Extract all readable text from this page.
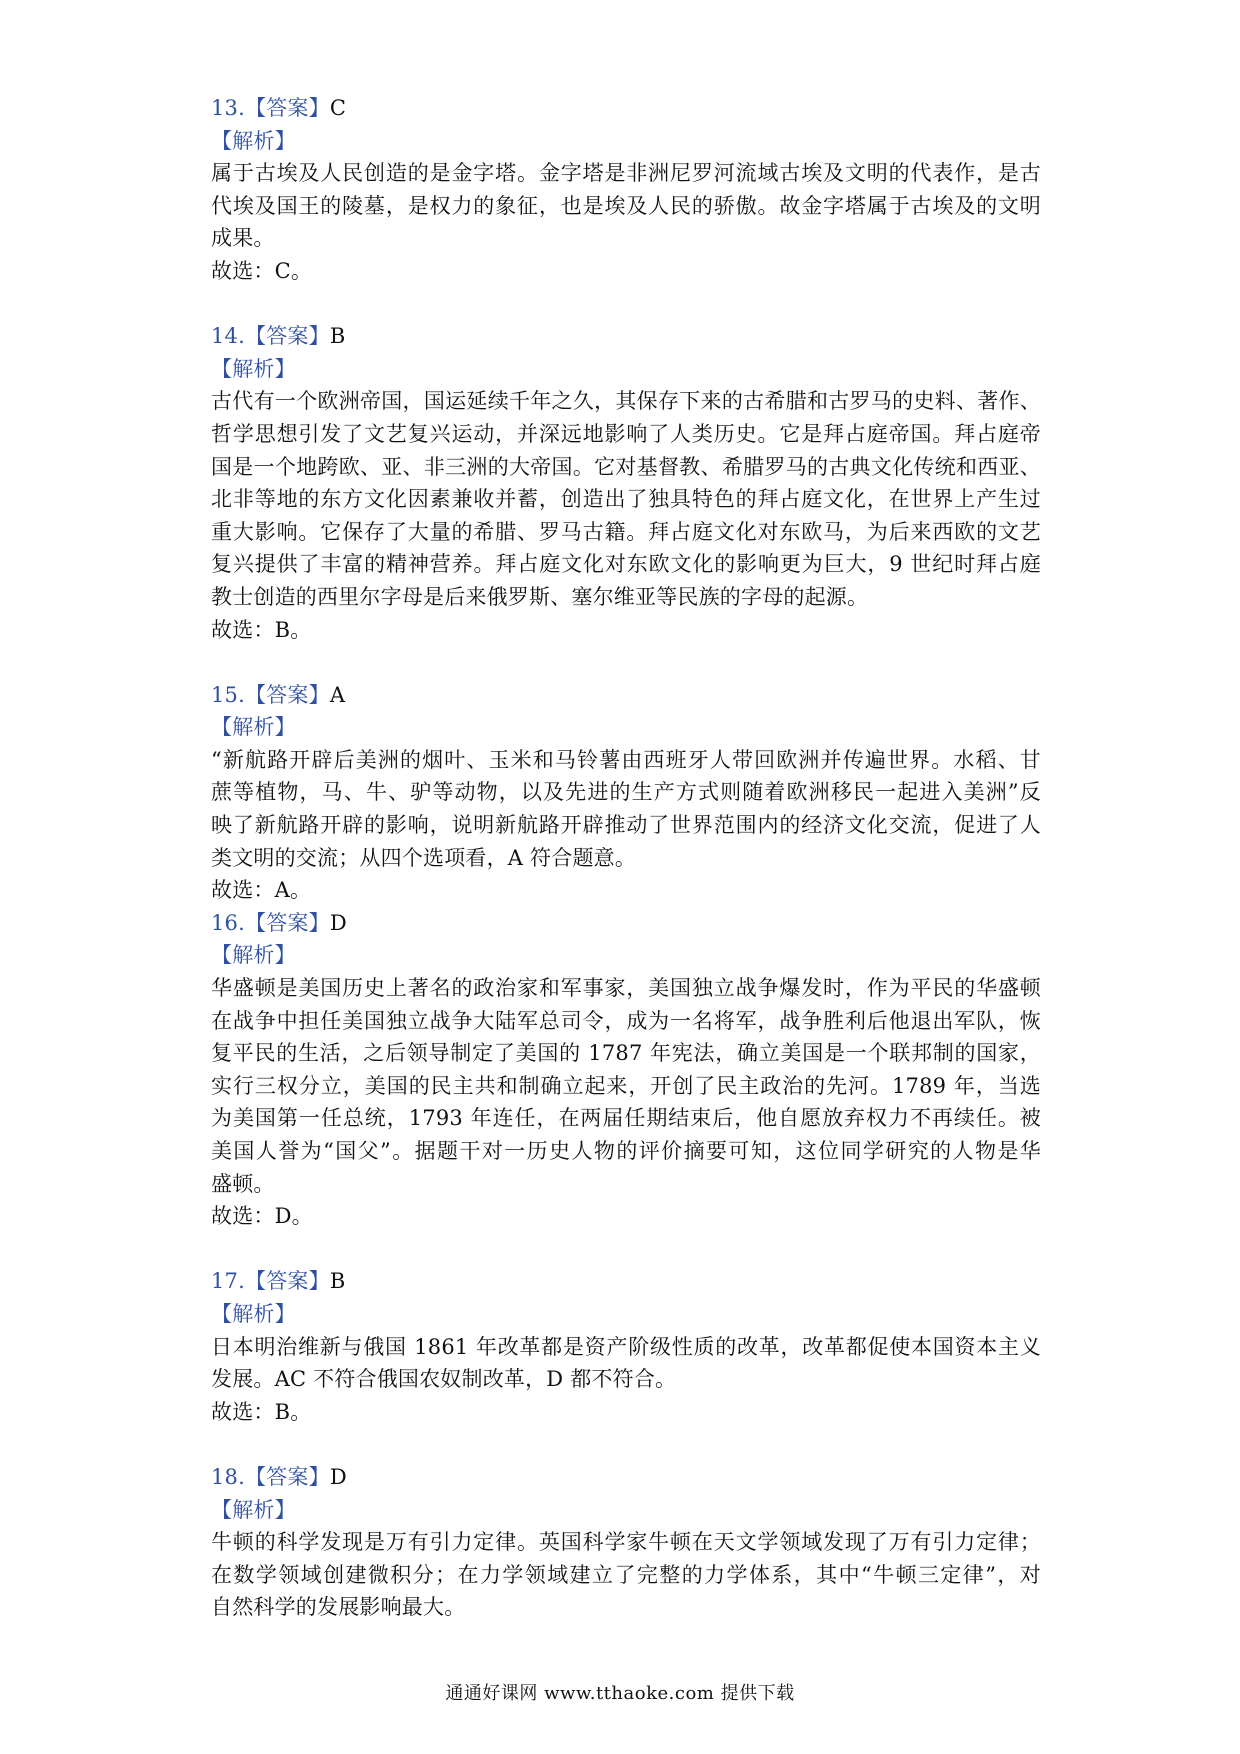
13.【答案】C
【解析】
属于古埃及人民创造的是金字塔。金字塔是非洲尼罗河流域古埃及文明的代表作，是古
代埃及国王的陵墓，是权力的象征，也是埃及人民的骄傲。故金字塔属于古埃及的文明
成果。
故选：C。
14.【答案】B
【解析】
古代有一个欧洲帝国，国运延续千年之久，其保存下来的古希腊和古罗马的史料、著作、
哲学思想引发了文艺复兴运动，并深远地影响了人类历史。它是拜占庭帝国。拜占庭帝
国是一个地跨欧、亚、非三洲的大帝国。它对基督教、希腊罗马的古典文化传统和西亚、
北非等地的东方文化因素兼收并蓄，创造出了独具特色的拜占庭文化，在世界上产生过
重大影响。它保存了大量的希腊、罗马古籍。拜占庭文化对东欧马，为后来西欧的文艺
复兴提供了丰富的精神营养。拜占庭文化对东欧文化的影响更为巨大，9 世纪时拜占庭
教士创造的西里尔字母是后来俄罗斯、塞尔维亚等民族的字母的起源。
故选：B。
15.【答案】A
【解析】
“新航路开辟后美洲的烟叶、玉米和马铃薯由西班牙人带回欧洲并传遍世界。水稻、甘
蔗等植物，马、牛、驴等动物，以及先进的生产方式则随着欧洲移民一起进入美洲”反
映了新航路开辟的影响，说明新航路开辟推动了世界范围内的经济文化交流，促进了人
类文明的交流；从四个选项看，A 符合题意。
故选：A。
16.【答案】D
【解析】
华盛顿是美国历史上著名的政治家和军事家，美国独立战争爆发时，作为平民的华盛顿
在战争中担任美国独立战争大陆军总司令，成为一名将军，战争胜利后他退出军队，恢
复平民的生活，之后领导制定了美国的 1787 年宪法，确立美国是一个联邦制的国家，
实行三权分立，美国的民主共和制确立起来，开创了民主政治的先河。1789 年，当选
为美国第一任总统，1793 年连任，在两届任期结束后，他自愿放弃权力不再续任。被
美国人誉为“国父”。据题干对一历史人物的评价摘要可知，这位同学研究的人物是华
盛顿。
故选：D。
17.【答案】B
【解析】
日本明治维新与俄国 1861 年改革都是资产阶级性质的改革，改革都促使本国资本主义
发展。AC 不符合俄国农奴制改革，D 都不符合。
故选：B。
18.【答案】D
【解析】
牛顿的科学发现是万有引力定律。英国科学家牛顿在天文学领域发现了万有引力定律；
在数学领域创建微积分；在力学领域建立了完整的力学体系，其中“牛顿三定律”，对
自然科学的发展影响最大。
通通好课网 www.tthaoke.com 提供下载
